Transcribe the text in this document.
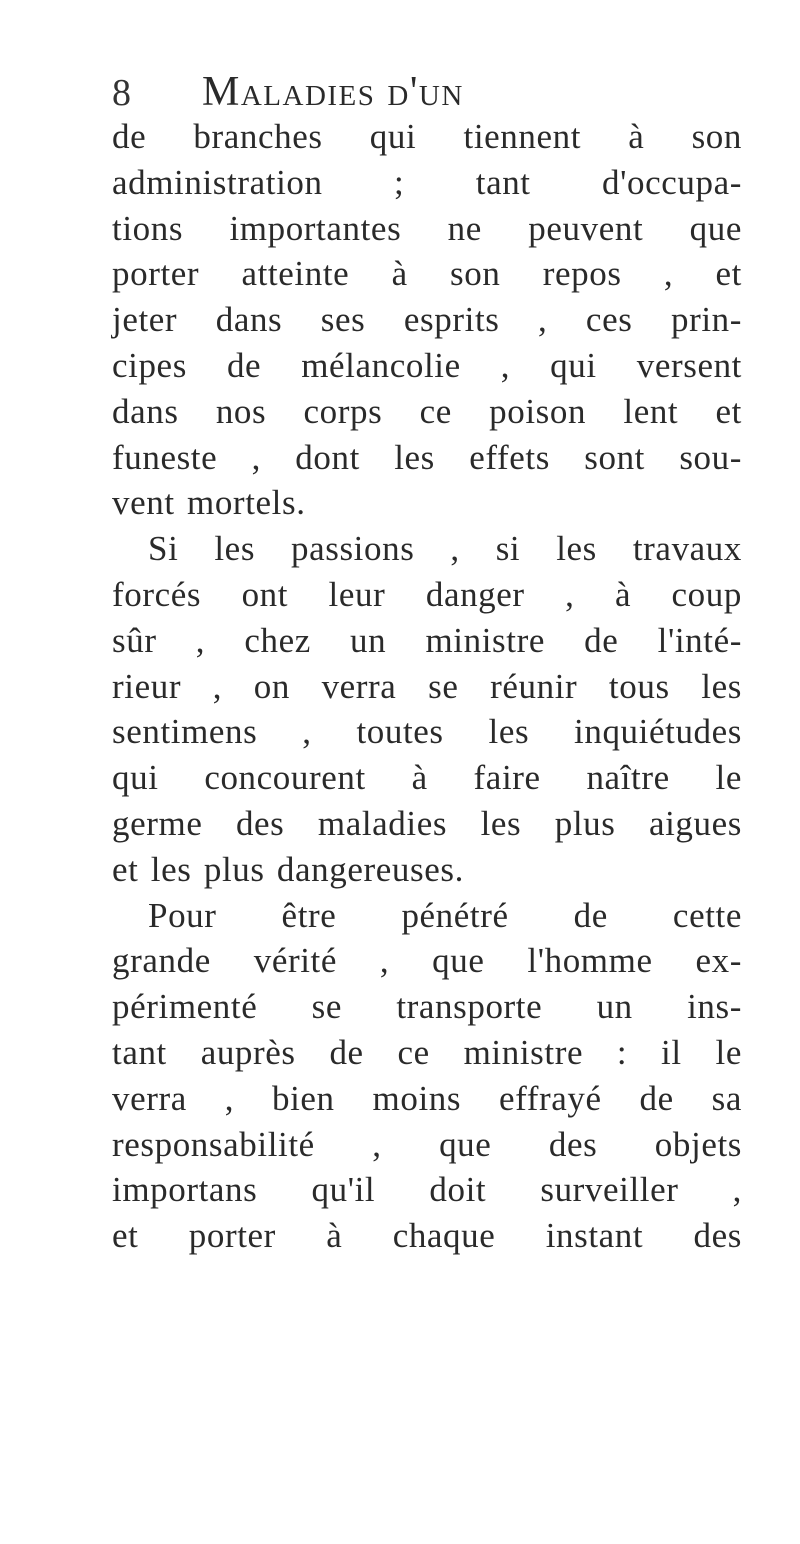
8	Maladies d'un
de branches qui tiennent à son
administration ; tant d'occupa-
tions importantes ne peuvent que
porter atteinte à son repos , et
jeter dans ses esprits , ces prin-
cipes de mélancolie , qui versent
dans nos corps ce poison lent et
funeste , dont les effets sont sou-
vent mortels.
Si les passions , si les travaux
forcés ont leur danger , à coup
sûr , chez un ministre de l'inté-
rieur , on verra se réunir tous les
sentimens , toutes les inquiétudes
qui concourent à faire naître le
germe des maladies les plus aigues
et les plus dangereuses.
Pour être pénétré de cette
grande vérité , que l'homme ex-
périmenté se transporte un ins-
tant auprès de ce ministre : il le
verra , bien moins effrayé de sa
responsabilité , que des objets
importans qu'il doit surveiller ,
et porter à chaque instant des
